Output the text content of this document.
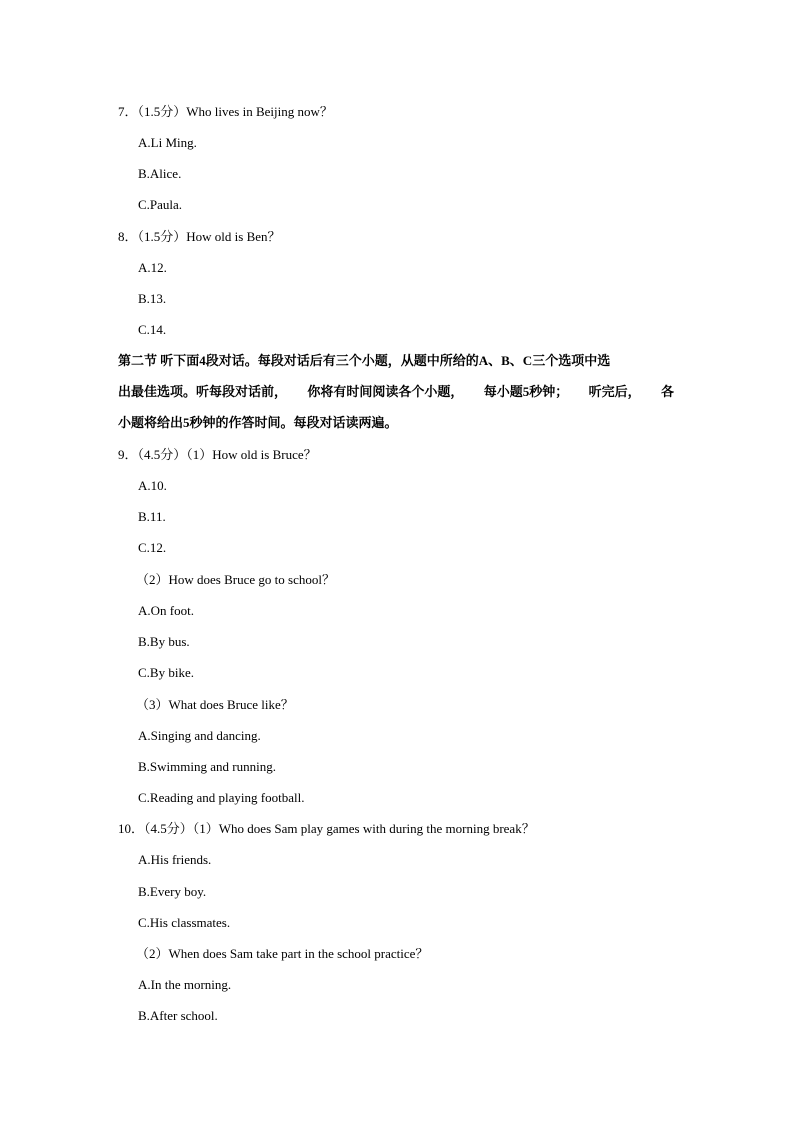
7．（1.5分）Who lives in Beijing now？
A.Li Ming.
B.Alice.
C.Paula.
8．（1.5分）How old is Ben？
A.12.
B.13.
C.14.
第二节 听下面4段对话。每段对话后有三个小题，从题中所给的A、B、C三个选项中选
出最佳选项。听每段对话前， 你将有时间阅读各个小题， 每小题5秒钟； 听完后， 各
小题将给出5秒钟的作答时间。每段对话读两遍。
9．（4.5分）（1）How old is Bruce？
A.10.
B.11.
C.12.
（2）How does Bruce go to school？
A.On foot.
B.By bus.
C.By bike.
（3）What does Bruce like？
A.Singing and dancing.
B.Swimming and running.
C.Reading and playing football.
10．（4.5分）（1）Who does Sam play games with during the morning break？
A.His friends.
B.Every boy.
C.His classmates.
（2）When does Sam take part in the school practice？
A.In the morning.
B.After school.
